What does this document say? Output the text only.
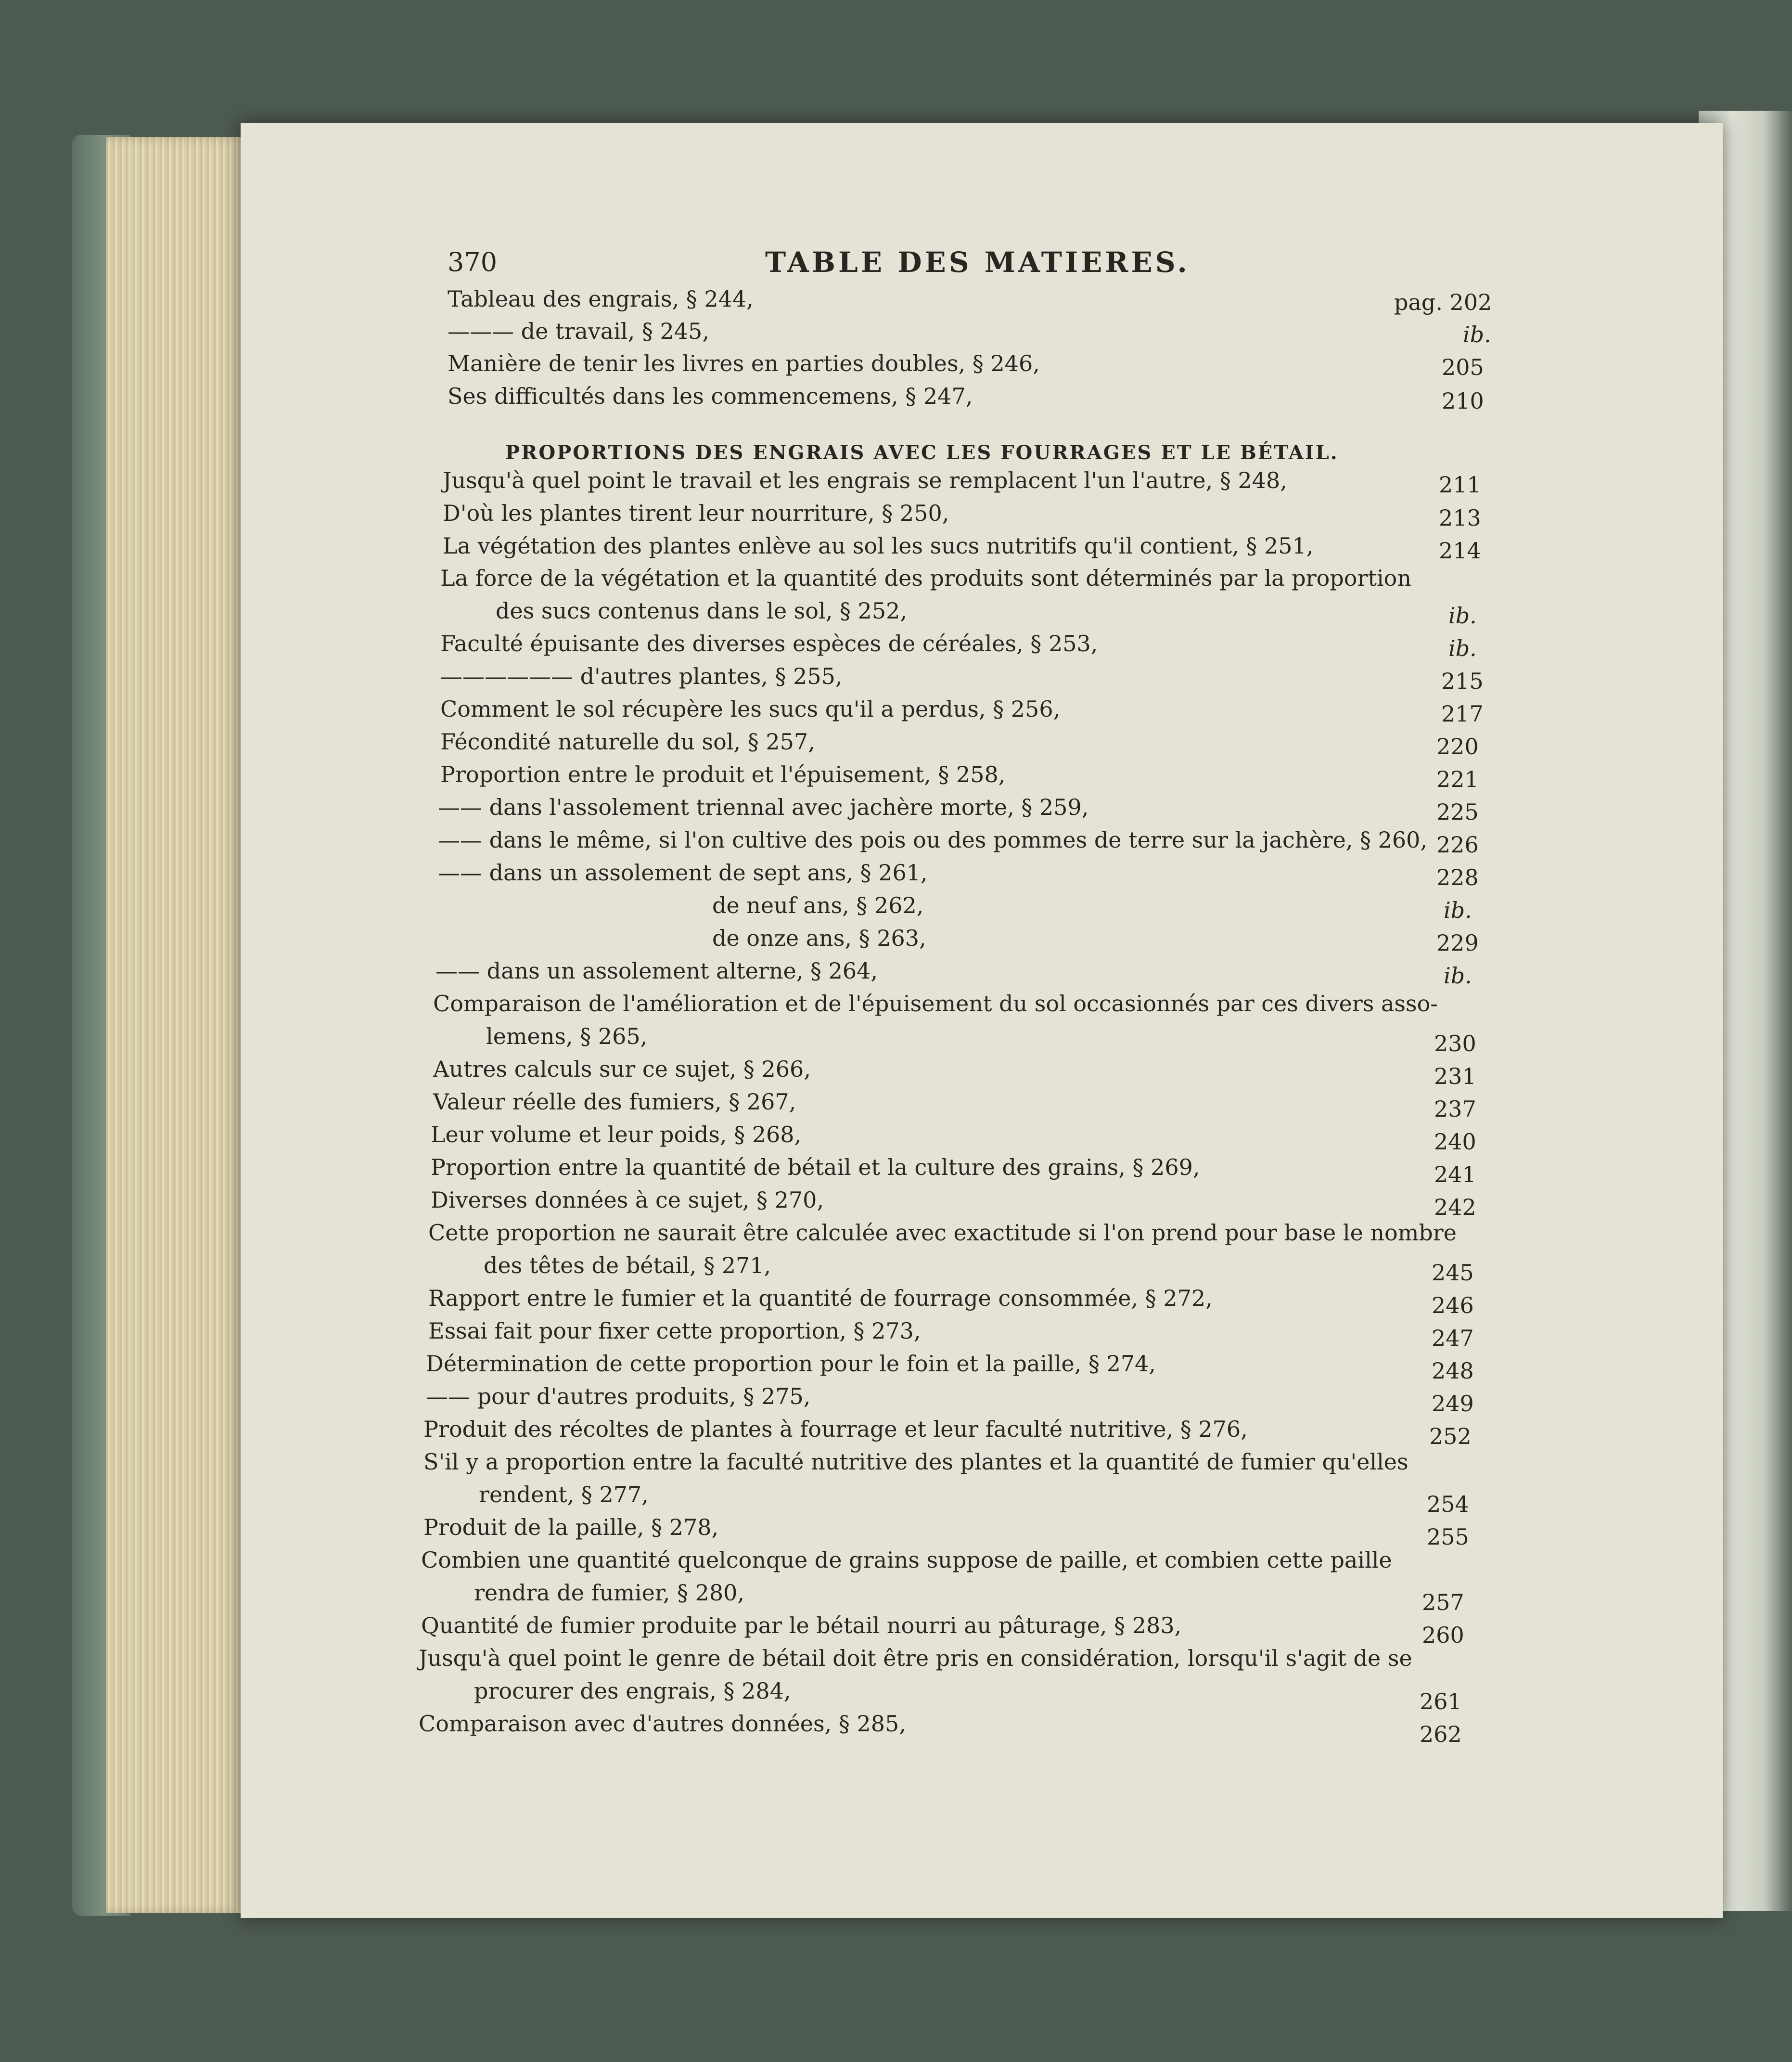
370	TABLE DES MATIERES.
Tableau des engrais, § 244,	pag. 202
——— de travail, § 245,	ib.
Manière de tenir les livres en parties doubles, § 246,	205
Ses difficultés dans les commencemens, § 247,	210
PROPORTIONS DES ENGRAIS AVEC LES FOURRAGES ET LE BÉTAIL.
Jusqu'à quel point le travail et les engrais se remplacent l'un l'autre, § 248,	211
D'où les plantes tirent leur nourriture, § 250,	213
La végétation des plantes enlève au sol les sucs nutritifs qu'il contient, § 251,	214
La force de la végétation et la quantité des produits sont déterminés par la proportion
des sucs contenus dans le sol, § 252,	ib.
Faculté épuisante des diverses espèces de céréales, § 253,	ib.
—————— d'autres plantes, § 255,	215
Comment le sol récupère les sucs qu'il a perdus, § 256,	217
Fécondité naturelle du sol, § 257,	220
Proportion entre le produit et l'épuisement, § 258,	221
—— dans l'assolement triennal avec jachère morte, § 259,	225
—— dans le même, si l'on cultive des pois ou des pommes de terre sur la jachère, § 260, 226
—— dans un assolement de sept ans, § 261,	228
de neuf ans, § 262,	ib.
de onze ans, § 263,	229
—— dans un assolement alterne, § 264,	ib.
Comparaison de l'amélioration et de l'épuisement du sol occasionnés par ces divers asso-
lemens, § 265,	230
Autres calculs sur ce sujet, § 266,	231
Valeur réelle des fumiers, § 267,	237
Leur volume et leur poids, § 268,	240
Proportion entre la quantité de bétail et la culture des grains, § 269,	241
Diverses données à ce sujet, § 270,	242
Cette proportion ne saurait être calculée avec exactitude si l'on prend pour base le nombre
des têtes de bétail, § 271,	245
Rapport entre le fumier et la quantité de fourrage consommée, § 272,	246
Essai fait pour fixer cette proportion, § 273,	247
Détermination de cette proportion pour le foin et la paille, § 274,	248
—— pour d'autres produits, § 275,	249
Produit des récoltes de plantes à fourrage et leur faculté nutritive, § 276,	252
S'il y a proportion entre la faculté nutritive des plantes et la quantité de fumier qu'elles
rendent, § 277,	254
Produit de la paille, § 278,	255
Combien une quantité quelconque de grains suppose de paille, et combien cette paille
rendra de fumier, § 280,	257
Quantité de fumier produite par le bétail nourri au pâturage, § 283,	260
Jusqu'à quel point le genre de bétail doit être pris en considération, lorsqu'il s'agit de se
procurer des engrais, § 284,	261
Comparaison avec d'autres données, § 285,	262
